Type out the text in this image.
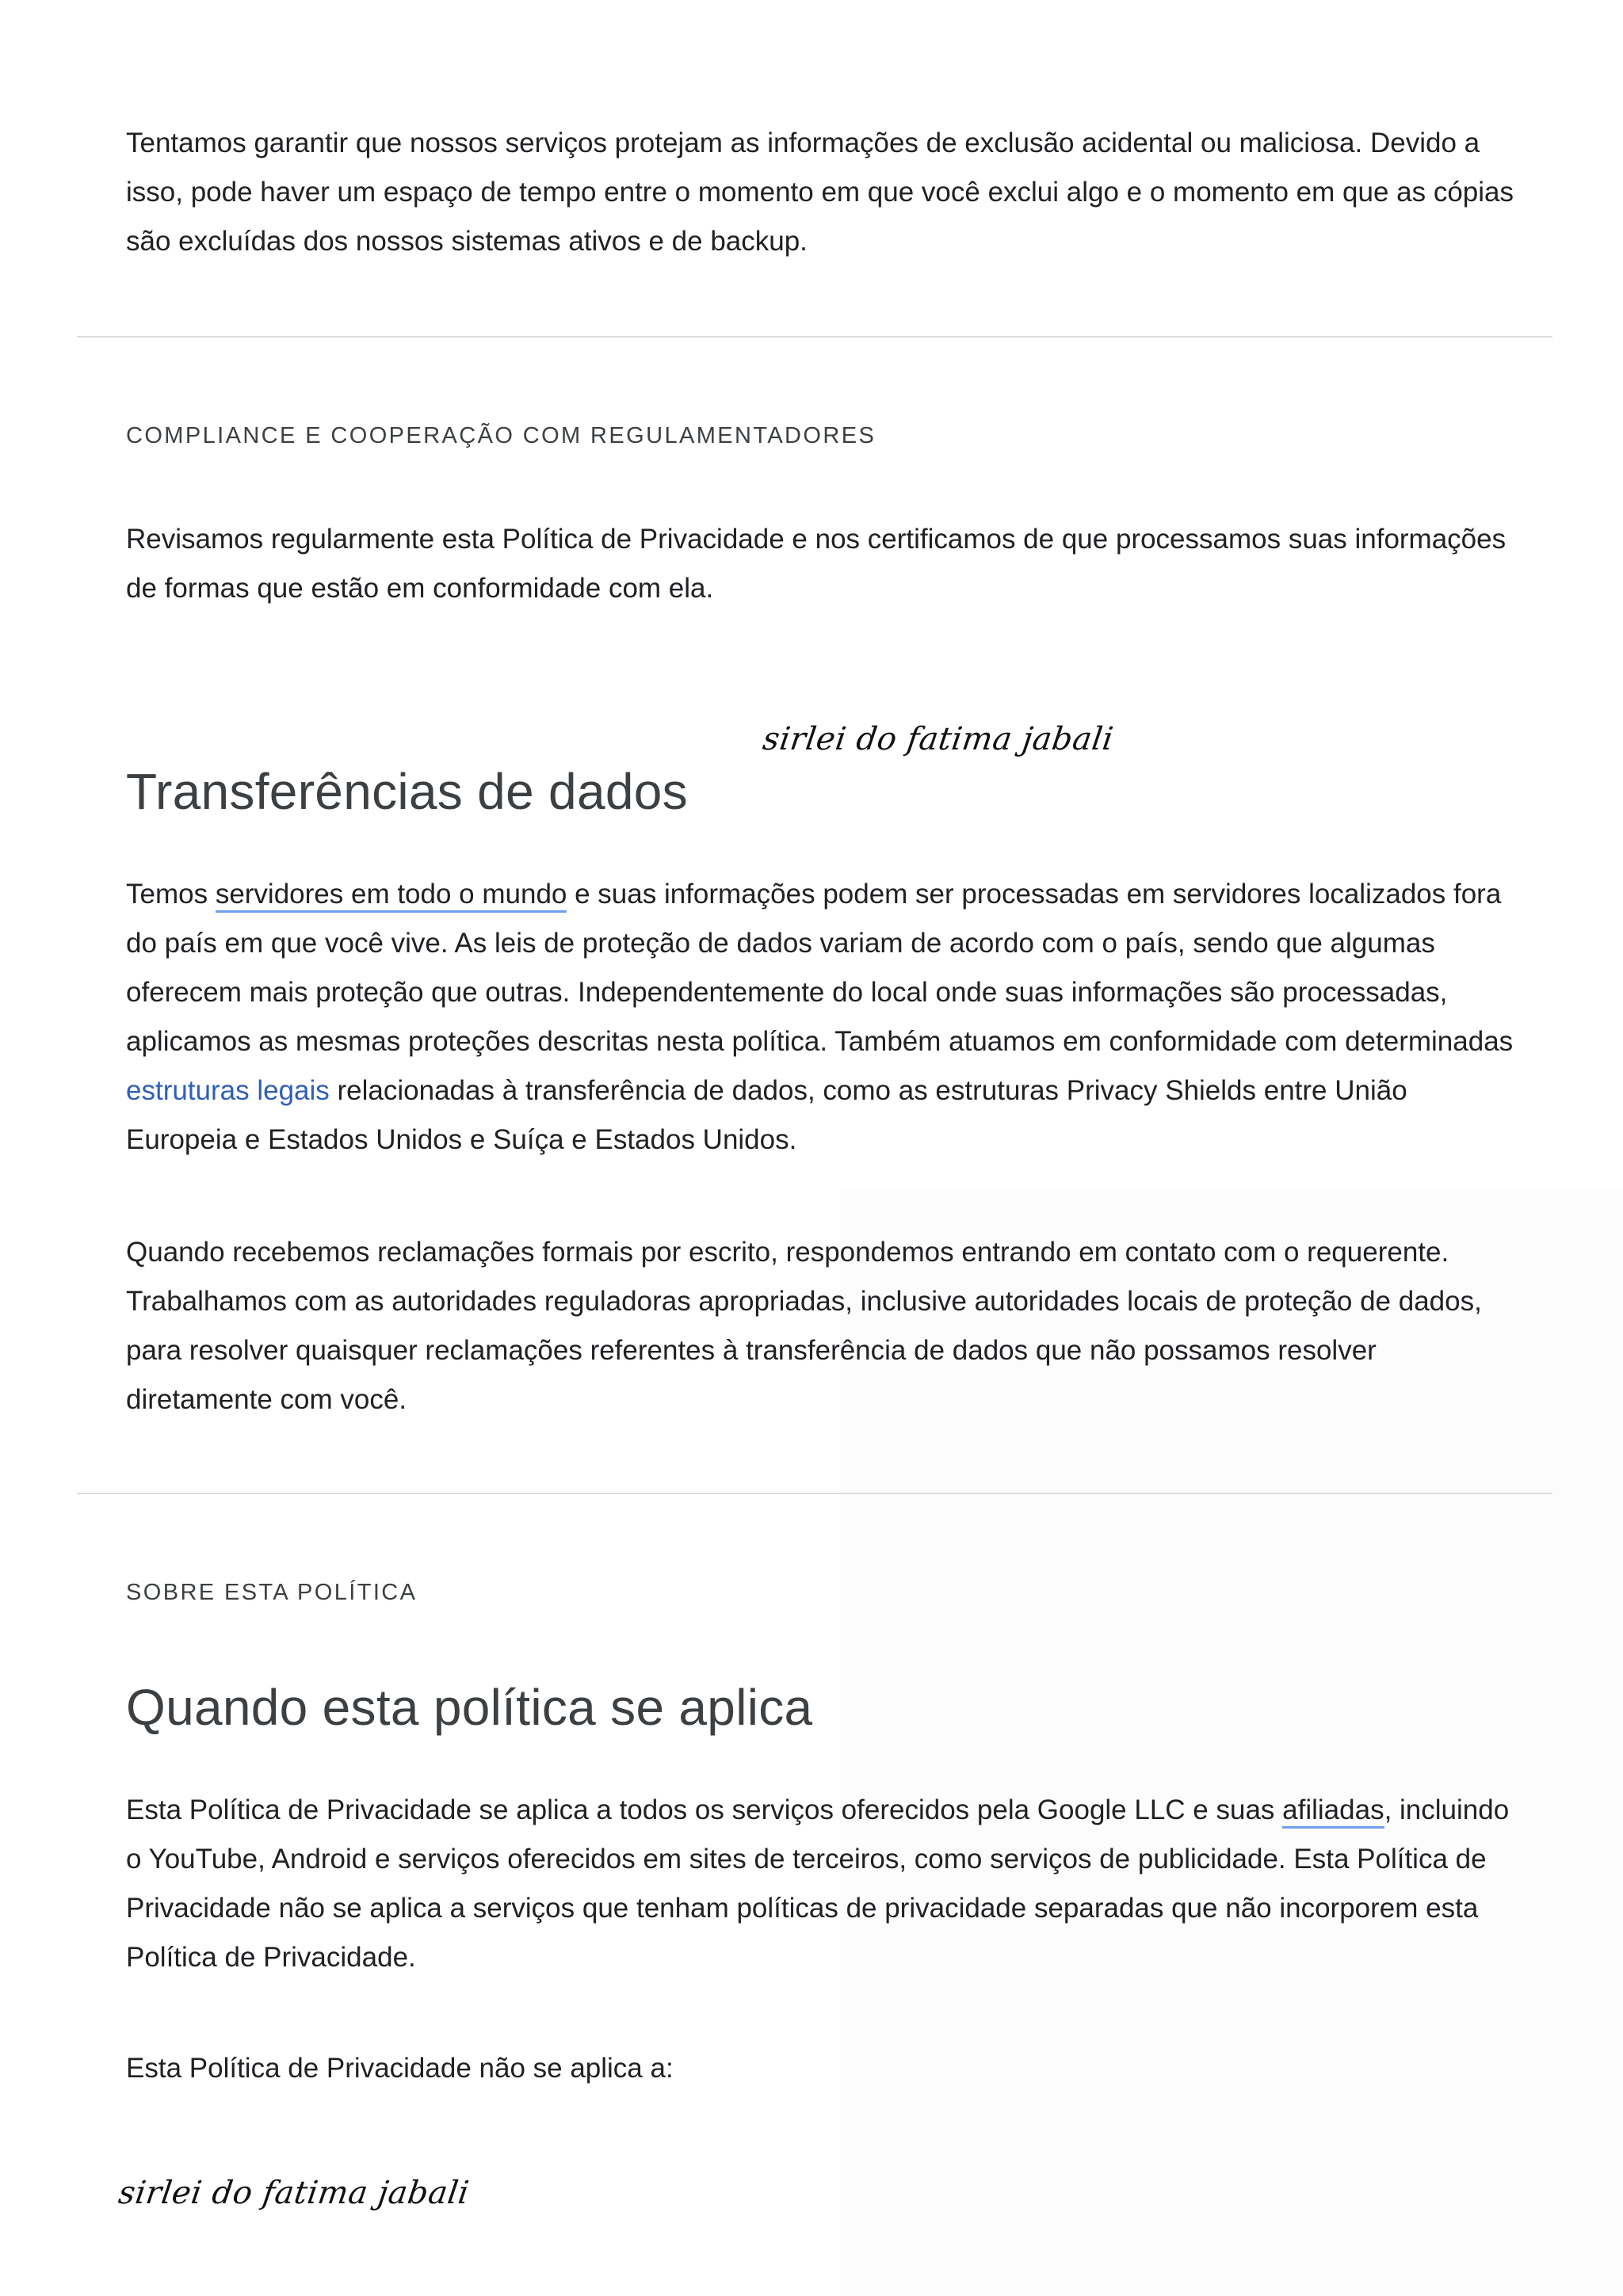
Tentamos garantir que nossos serviços protejam as informações de exclusão acidental ou maliciosa. Devido a isso, pode haver um espaço de tempo entre o momento em que você exclui algo e o momento em que as cópias são excluídas dos nossos sistemas ativos e de backup.

COMPLIANCE E COOPERAÇÃO COM REGULAMENTADORES

Revisamos regularmente esta Política de Privacidade e nos certificamos de que processamos suas informações de formas que estão em conformidade com ela.

sirlei do fatima jabali
Transferências de dados

Temos servidores em todo o mundo e suas informações podem ser processadas em servidores localizados fora do país em que você vive. As leis de proteção de dados variam de acordo com o país, sendo que algumas oferecem mais proteção que outras. Independentemente do local onde suas informações são processadas, aplicamos as mesmas proteções descritas nesta política. Também atuamos em conformidade com determinadas estruturas legais relacionadas à transferência de dados, como as estruturas Privacy Shields entre União Europeia e Estados Unidos e Suíça e Estados Unidos.

Quando recebemos reclamações formais por escrito, respondemos entrando em contato com o requerente. Trabalhamos com as autoridades reguladoras apropriadas, inclusive autoridades locais de proteção de dados, para resolver quaisquer reclamações referentes à transferência de dados que não possamos resolver diretamente com você.

SOBRE ESTA POLÍTICA

Quando esta política se aplica

Esta Política de Privacidade se aplica a todos os serviços oferecidos pela Google LLC e suas afiliadas, incluindo o YouTube, Android e serviços oferecidos em sites de terceiros, como serviços de publicidade. Esta Política de Privacidade não se aplica a serviços que tenham políticas de privacidade separadas que não incorporem esta Política de Privacidade.

Esta Política de Privacidade não se aplica a:

sirlei do fatima jabali
